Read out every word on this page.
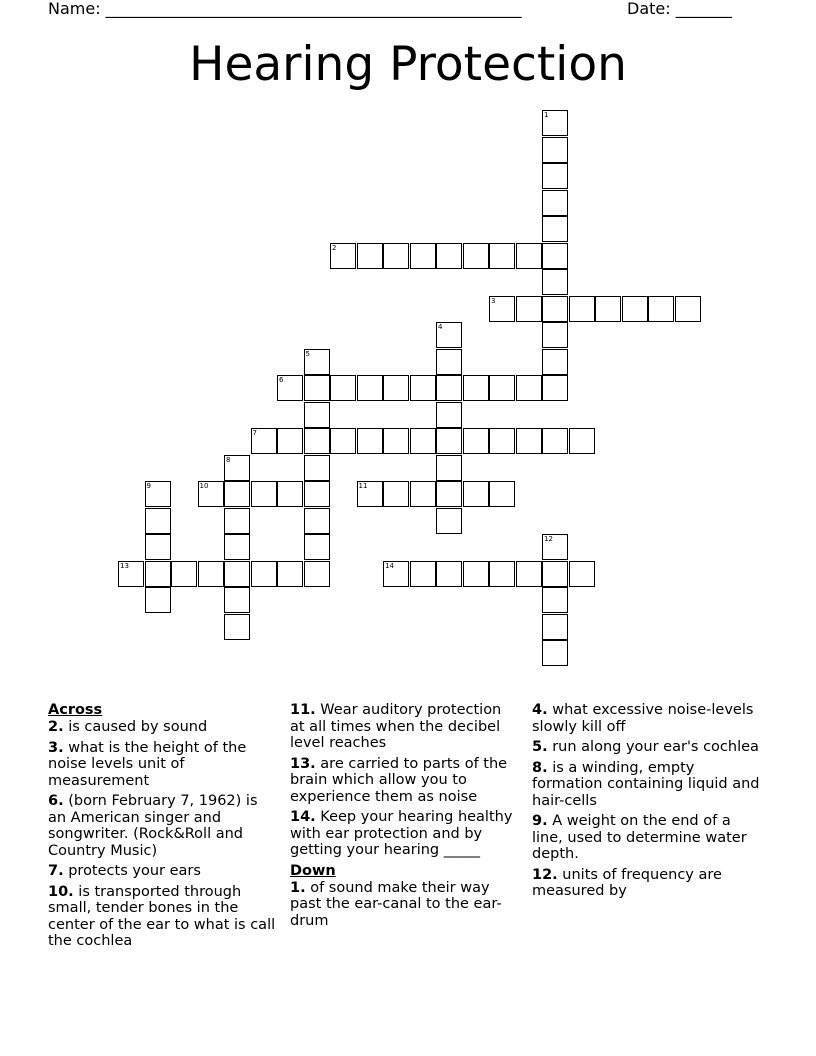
Name: ____________________________________________________	Date: _______
Hearing Protection
1
2
3
4
5
6
7
8
9	10	11
12
13	14
Across

2. is caused by sound

3. what is the height of the noise levels unit of measurement

6. (born February 7, 1962) is an American singer and songwriter. (Rock&Roll and Country Music)

7. protects your ears

10. is transported through small, tender bones in the center of the ear to what is call the cochlea

11. Wear auditory protection at all times when the decibel level reaches

13. are carried to parts of the brain which allow you to experience them as noise

14. Keep your hearing healthy with ear protection and by getting your hearing _____

Down

1. of sound make their way past the ear-canal to the ear-drum

4. what excessive noise-levels slowly kill off

5. run along your ear's cochlea

8. is a winding, empty formation containing liquid and hair-cells

9. A weight on the end of a line, used to determine water depth.

12. units of frequency are measured by
